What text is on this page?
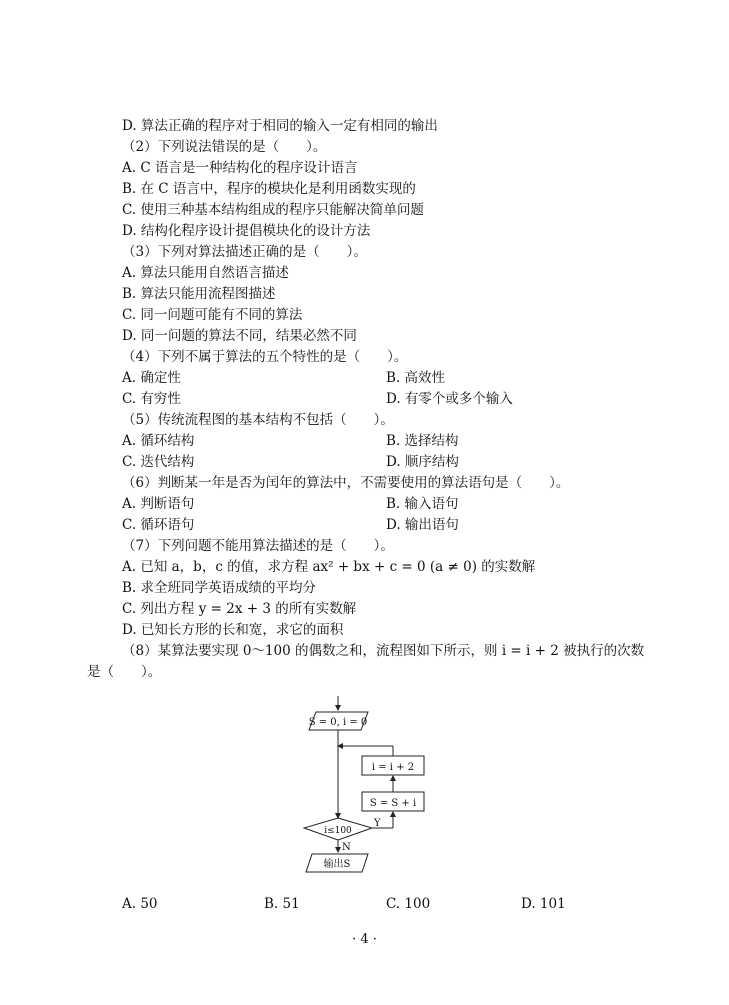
D. 算法正确的程序对于相同的输入一定有相同的输出
（2）下列说法错误的是（　　）。
A. C 语言是一种结构化的程序设计语言
B. 在 C 语言中，程序的模块化是利用函数实现的
C. 使用三种基本结构组成的程序只能解决简单问题
D. 结构化程序设计提倡模块化的设计方法
（3）下列对算法描述正确的是（　　）。
A. 算法只能用自然语言描述
B. 算法只能用流程图描述
C. 同一问题可能有不同的算法
D. 同一问题的算法不同，结果必然不同
（4）下列不属于算法的五个特性的是（　　）。
A. 确定性	B. 高效性
C. 有穷性	D. 有零个或多个输入
（5）传统流程图的基本结构不包括（　　）。
A. 循环结构	B. 选择结构
C. 迭代结构	D. 顺序结构
（6）判断某一年是否为闰年的算法中，不需要使用的算法语句是（　　）。
A. 判断语句	B. 输入语句
C. 循环语句	D. 输出语句
（7）下列问题不能用算法描述的是（　　）。
A. 已知 a，b，c 的值，求方程 ax² + bx + c = 0 (a ≠ 0) 的实数解
B. 求全班同学英语成绩的平均分
C. 列出方程 y = 2x + 3 的所有实数解
D. 已知长方形的长和宽，求它的面积
（8）某算法要实现 0～100 的偶数之和，流程图如下所示，则 i = i + 2 被执行的次数
是（　　）。
S = 0, i = 0
i = i + 2
S = S + i
i≤100
Y
N
输出S
A. 50	B. 51	C. 100	D. 101
· 4 ·
